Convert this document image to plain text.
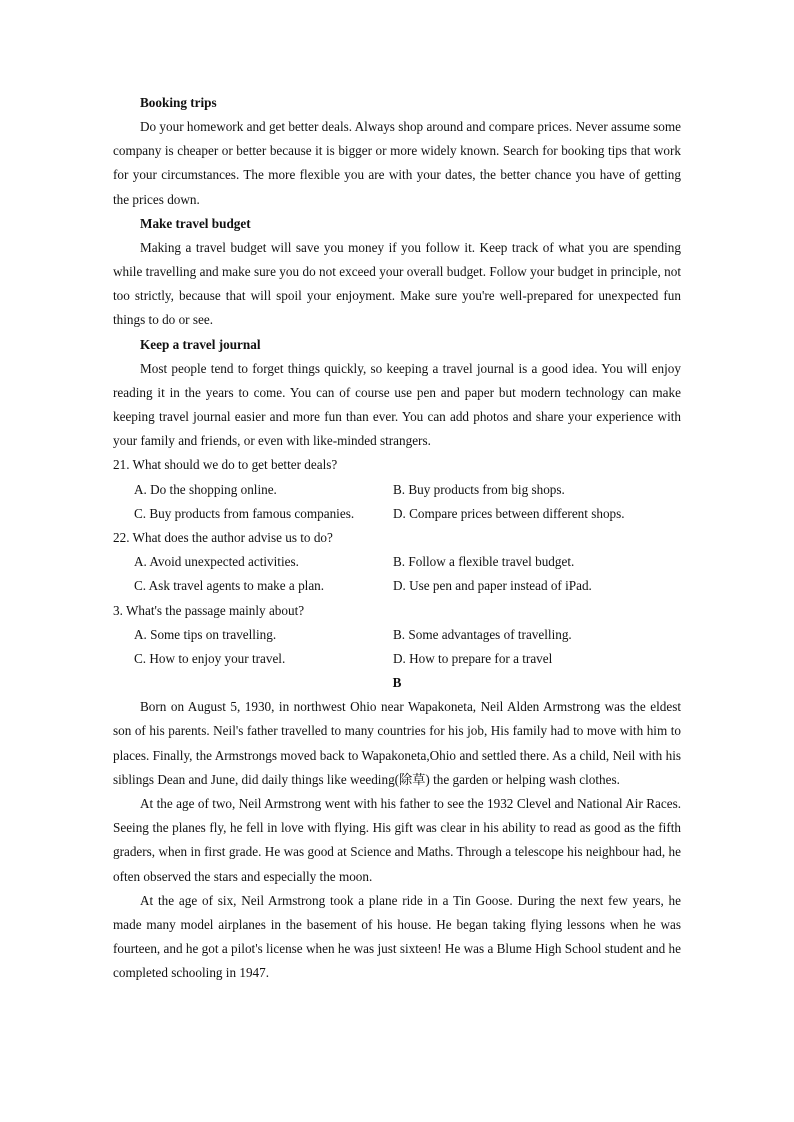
Booking trips

Do your homework and get better deals. Always shop around and compare prices. Never assume some company is cheaper or better because it is bigger or more widely known. Search for booking tips that work for your circumstances. The more flexible you are with your dates, the better chance you have of getting the prices down.

Make travel budget

Making a travel budget will save you money if you follow it. Keep track of what you are spending while travelling and make sure you do not exceed your overall budget. Follow your budget in principle, not too strictly, because that will spoil your enjoyment. Make sure you're well-prepared for unexpected fun things to do or see.

Keep a travel journal

Most people tend to forget things quickly, so keeping a travel journal is a good idea. You will enjoy reading it in the years to come. You can of course use pen and paper but modern technology can make keeping travel journal easier and more fun than ever. You can add photos and share your experience with your family and friends, or even with like-minded strangers.

21. What should we do to get better deals?
A. Do the shopping online.	B. Buy products from big shops.
C. Buy products from famous companies.	D. Compare prices between different shops.
22. What does the author advise us to do?
A. Avoid unexpected activities.	B. Follow a flexible travel budget.
C. Ask travel agents to make a plan.	D. Use pen and paper instead of iPad.
3. What's the passage mainly about?
A. Some tips on travelling.	B. Some advantages of travelling.
C. How to enjoy your travel.	D. How to prepare for a travel
B

Born on August 5, 1930, in northwest Ohio near Wapakoneta, Neil Alden Armstrong was the eldest son of his parents. Neil's father travelled to many countries for his job, His family had to move with him to places. Finally, the Armstrongs moved back to Wapakoneta,Ohio and settled there. As a child, Neil with his siblings Dean and June, did daily things like weeding(除草) the garden or helping wash clothes.

At the age of two, Neil Armstrong went with his father to see the 1932 Clevel and National Air Races. Seeing the planes fly, he fell in love with flying. His gift was clear in his ability to read as good as the fifth graders, when in first grade. He was good at Science and Maths. Through a telescope his neighbour had, he often observed the stars and especially the moon.

At the age of six, Neil Armstrong took a plane ride in a Tin Goose. During the next few years, he made many model airplanes in the basement of his house. He began taking flying lessons when he was fourteen, and he got a pilot's license when he was just sixteen! He was a Blume High School student and he completed schooling in 1947.
